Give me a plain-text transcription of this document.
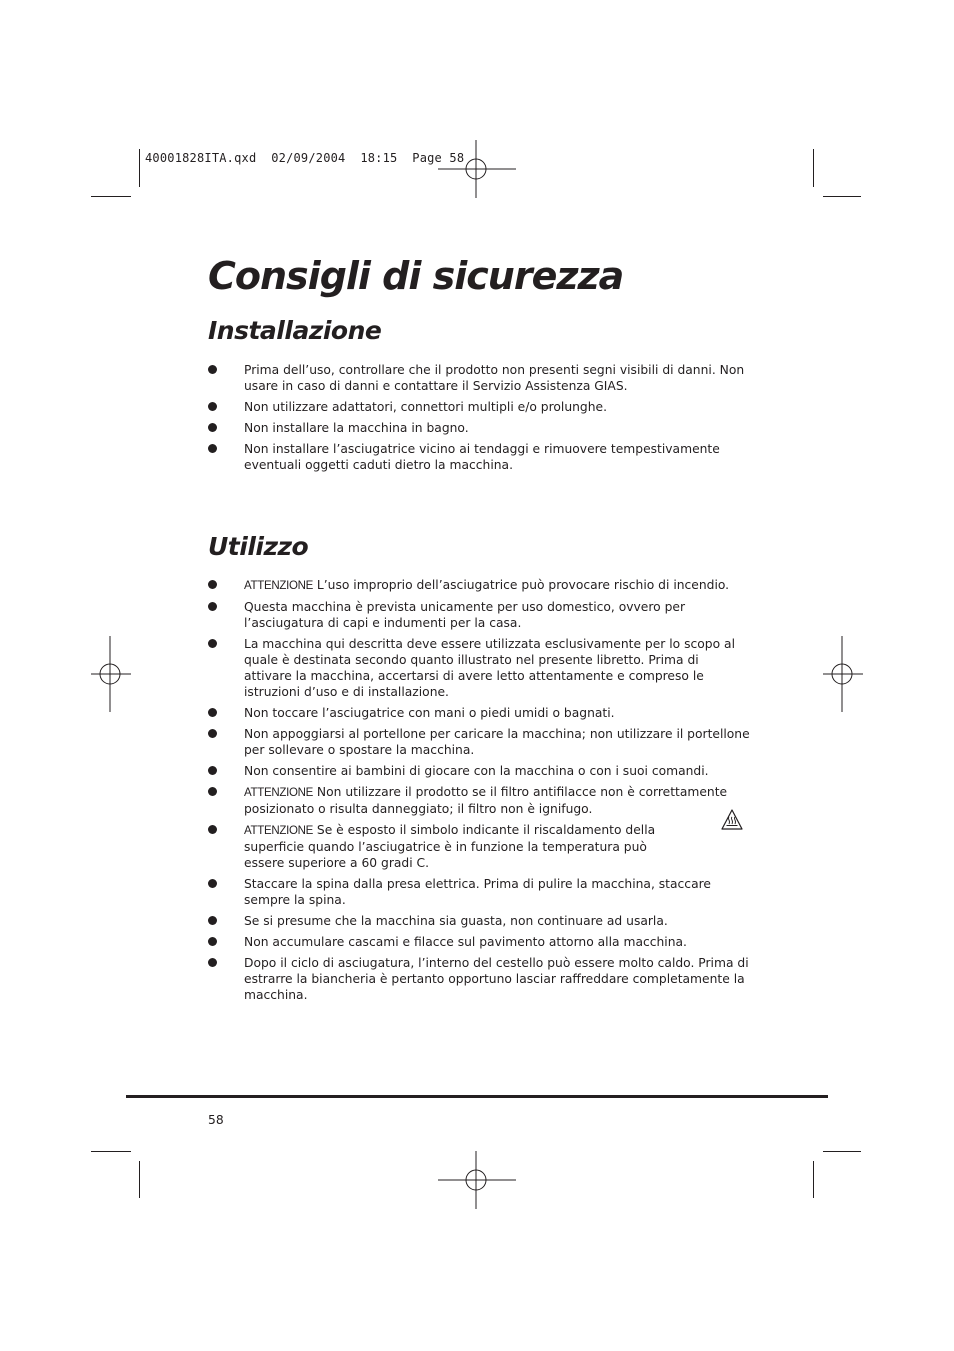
40001828ITA.qxd  02/09/2004  18:15  Page 58
Consigli di sicurezza
Installazione
Prima dell’uso, controllare che il prodotto non presenti segni visibili di danni. Non usare in caso di danni e contattare il Servizio Assistenza GIAS.
Non utilizzare adattatori, connettori multipli e/o prolunghe.
Non installare la macchina in bagno.
Non installare l’asciugatrice vicino ai tendaggi e rimuovere tempestivamente eventuali oggetti caduti dietro la macchina.
Utilizzo
ATTENZIONE L’uso improprio dell’asciugatrice può provocare rischio di incendio.
Questa macchina è prevista unicamente per uso domestico, ovvero per l’asciugatura di capi e indumenti per la casa.
La macchina qui descritta deve essere utilizzata esclusivamente per lo scopo al quale è destinata secondo quanto illustrato nel presente libretto. Prima di attivare la macchina, accertarsi di avere letto attentamente e compreso le istruzioni d’uso e di installazione.
Non toccare l’asciugatrice con mani o piedi umidi o bagnati.
Non appoggiarsi al portellone per caricare la macchina; non utilizzare il portellone per sollevare o spostare la macchina.
Non consentire ai bambini di giocare con la macchina o con i suoi comandi.
ATTENZIONE Non utilizzare il prodotto se il filtro antifilacce non è correttamente posizionato o risulta danneggiato; il filtro non è ignifugo.
ATTENZIONE Se è esposto il simbolo indicante il riscaldamento della superficie quando l’asciugatrice è in funzione la temperatura può essere superiore a 60 gradi C.
Staccare la spina dalla presa elettrica. Prima di pulire la macchina, staccare sempre la spina.
Se si presume che la macchina sia guasta, non continuare ad usarla.
Non accumulare cascami e filacce sul pavimento attorno alla macchina.
Dopo il ciclo di asciugatura, l’interno del cestello può essere molto caldo. Prima di estrarre la biancheria è pertanto opportuno lasciar raffreddare completamente la macchina.
58
